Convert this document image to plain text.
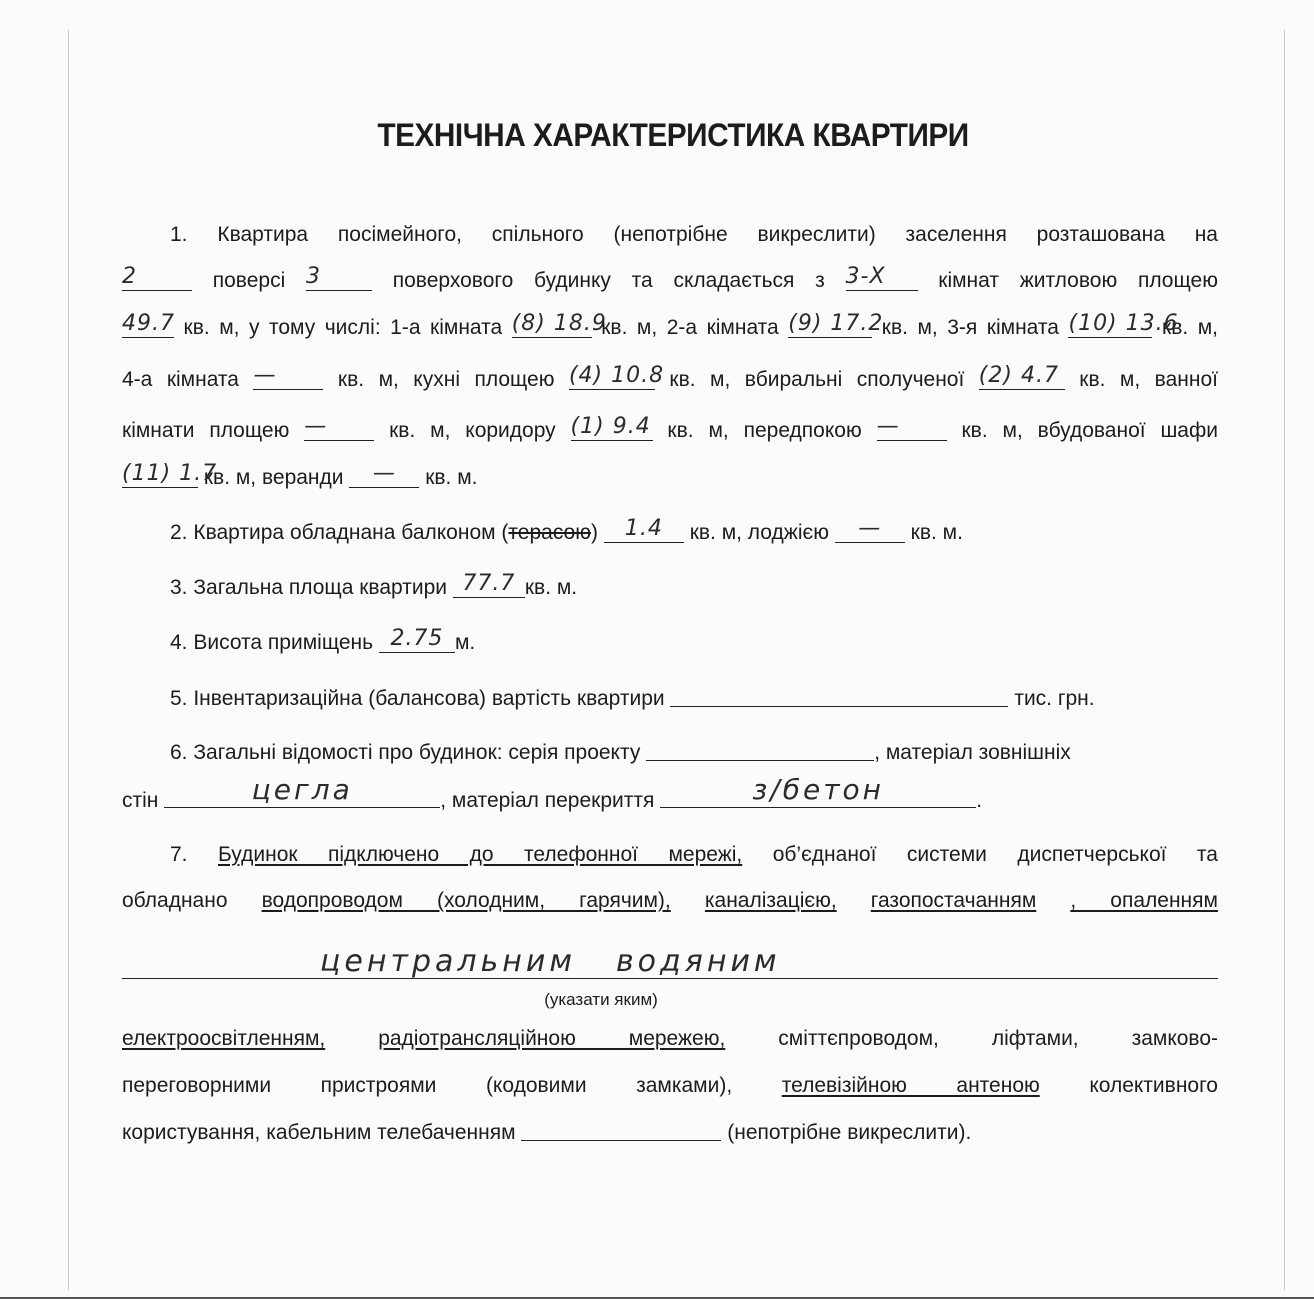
ТЕХНІЧНА ХАРАКТЕРИСТИКА КВАРТИРИ
1. Квартира посімейного, спільного (непотрібне викреслити) заселення розташована на
2	поверсі 3	поверхового будинку та складається з 3-Х	кімнат житловою площею
49.7 кв. м, у тому числі: 1-а кімната (8) 18.9 кв. м, 2-а кімната (9) 17.2 кв. м, 3-я кімната (10) 13.6 кв. м,
4-а кімната —	кв. м, кухні площею (4) 10.8 кв. м, вбиральні сполученої (2) 4.7 кв. м, ванної
кімнати площею —	кв. м, коридору (1) 9.4 кв. м, передпокою —	кв. м, вбудованої шафи
(11) 1.7 кв. м, веранди — кв. м.
2. Квартира обладнана балконом (терасою) 1.4 кв. м, лоджією — кв. м.
3. Загальна площа квартири 77.7 кв. м.
4. Висота приміщень 2.75 м.
5. Інвентаризаційна (балансова) вартість квартири	тис. грн.
6. Загальні відомості про будинок: серія проекту	, матеріал зовнішніх
стін	цегла	, матеріал перекриття	з/бетон	.
7. Будинок підключено до телефонної мережі, об’єднаної системи диспетчерської та
обладнано водопроводом (холодним, гарячим), каналізацією, газопостачанням , опаленням
центральним водяним
(указати яким)
електроосвітленням,	радіотрансляційною мережею,	сміттєпроводом,	ліфтами,	замково-
переговорними пристроями (кодовими замками), телевізійною антеною колективного
користування, кабельним телебаченням	(непотрібне викреслити).
